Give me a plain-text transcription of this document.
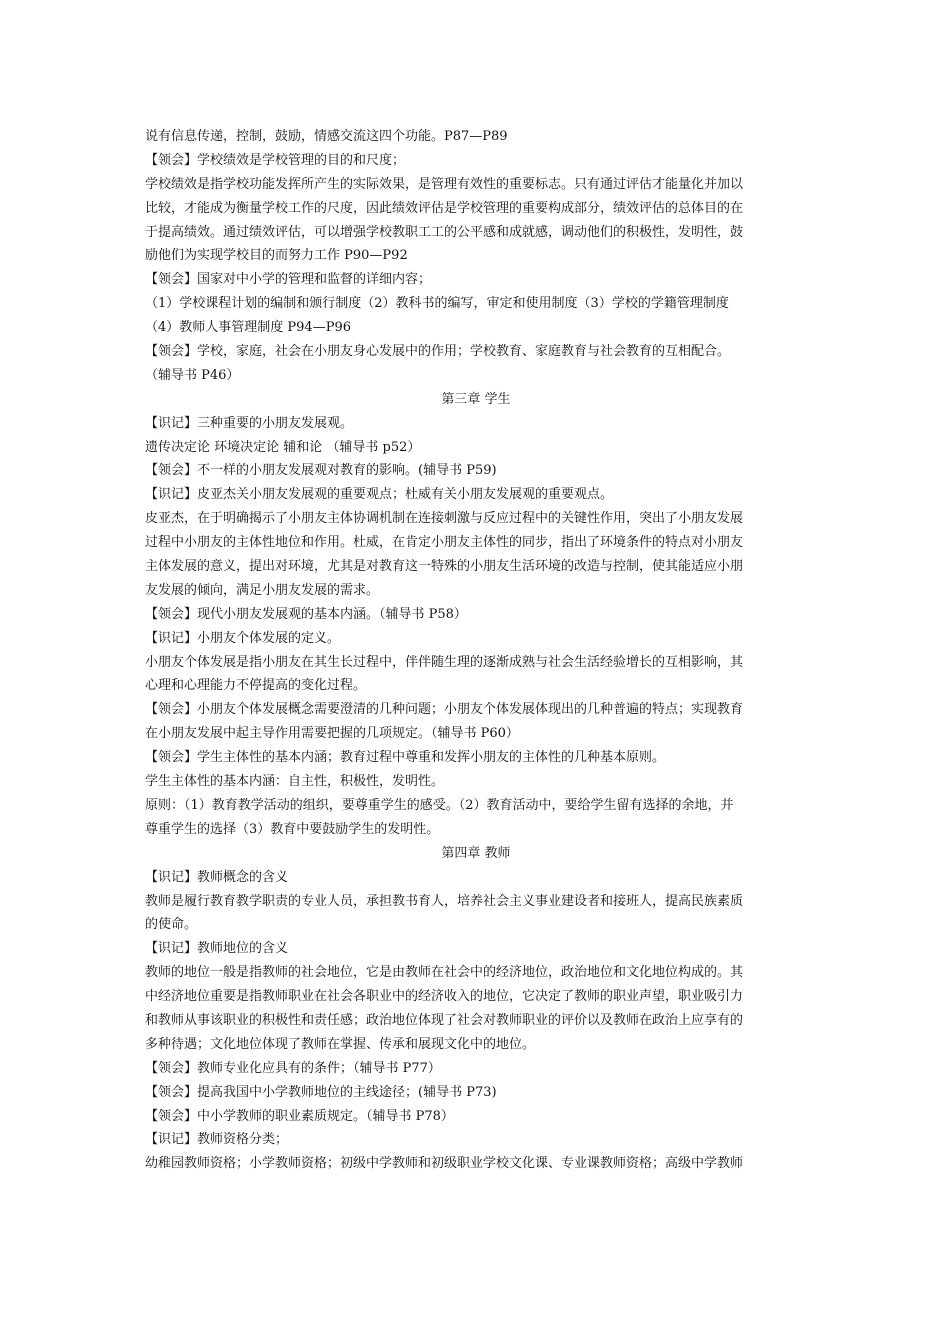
说有信息传递，控制，鼓励，情感交流这四个功能。P87—P89
【领会】学校绩效是学校管理的目的和尺度；
学校绩效是指学校功能发挥所产生的实际效果，是管理有效性的重要标志。只有通过评估才能量化并加以
比较，才能成为衡量学校工作的尺度，因此绩效评估是学校管理的重要构成部分，绩效评估的总体目的在
于提高绩效。通过绩效评估，可以增强学校教职工工的公平感和成就感，调动他们的积极性，发明性，鼓
励他们为实现学校目的而努力工作 P90—P92
【领会】国家对中小学的管理和监督的详细内容；
（1）学校课程计划的编制和颁行制度（2）教科书的编写，审定和使用制度（3）学校的学籍管理制度
（4）教师人事管理制度 P94—P96
【领会】学校，家庭，社会在小朋友身心发展中的作用；学校教育、家庭教育与社会教育的互相配合。
（辅导书 P46）
第三章 学生
【识记】三种重要的小朋友发展观。
遗传决定论 环境决定论 辅和论 （辅导书 p52）
【领会】不一样的小朋友发展观对教育的影响。(辅导书 P59)
【识记】皮亚杰关小朋友发展观的重要观点；杜威有关小朋友发展观的重要观点。
皮亚杰，在于明确揭示了小朋友主体协调机制在连接刺激与反应过程中的关键性作用，突出了小朋友发展
过程中小朋友的主体性地位和作用。杜威，在肯定小朋友主体性的同步，指出了环境条件的特点对小朋友
主体发展的意义，提出对环境，尤其是对教育这一特殊的小朋友生活环境的改造与控制，使其能适应小朋
友发展的倾向，满足小朋友发展的需求。
【领会】现代小朋友发展观的基本内涵。（辅导书 P58）
【识记】小朋友个体发展的定义。
小朋友个体发展是指小朋友在其生长过程中，伴伴随生理的逐渐成熟与社会生活经验增长的互相影响，其
心理和心理能力不停提高的变化过程。
【领会】小朋友个体发展概念需要澄清的几种问题；小朋友个体发展体现出的几种普遍的特点；实现教育
在小朋友发展中起主导作用需要把握的几项规定。（辅导书 P60）
【领会】学生主体性的基本内涵；教育过程中尊重和发挥小朋友的主体性的几种基本原则。
学生主体性的基本内涵：自主性，积极性，发明性。
原则：（1）教育教学活动的组织，要尊重学生的感受。（2）教育活动中，要给学生留有选择的余地，并
尊重学生的选择（3）教育中要鼓励学生的发明性。
第四章 教师
【识记】教师概念的含义
教师是履行教育教学职责的专业人员，承担教书育人，培养社会主义事业建设者和接班人，提高民族素质
的使命。
【识记】教师地位的含义
教师的地位一般是指教师的社会地位，它是由教师在社会中的经济地位，政治地位和文化地位构成的。其
中经济地位重要是指教师职业在社会各职业中的经济收入的地位，它决定了教师的职业声望，职业吸引力
和教师从事该职业的积极性和责任感；政治地位体现了社会对教师职业的评价以及教师在政治上应享有的
多种待遇；文化地位体现了教师在掌握、传承和展现文化中的地位。
【领会】教师专业化应具有的条件；（辅导书 P77）
【领会】提高我国中小学教师地位的主线途径；(辅导书 P73)
【领会】中小学教师的职业素质规定。（辅导书 P78）
【识记】教师资格分类；
幼稚园教师资格；小学教师资格；初级中学教师和初级职业学校文化课、专业课教师资格；高级中学教师
